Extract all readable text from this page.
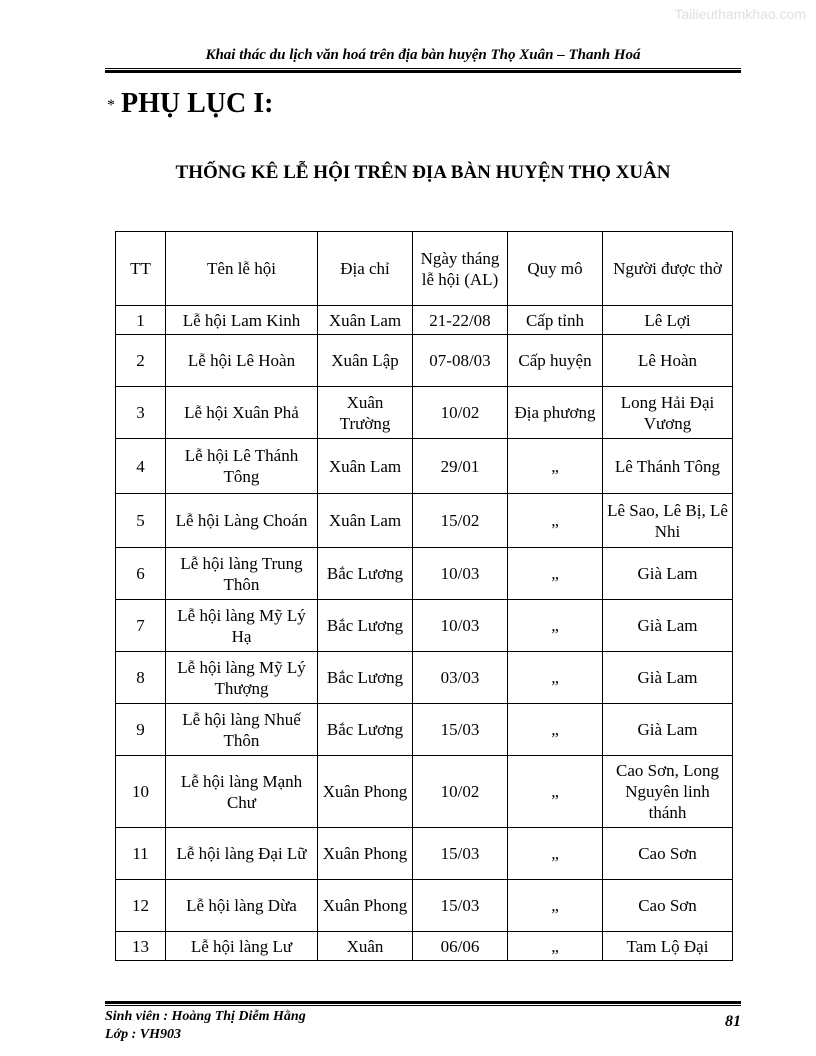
Tailieuthamkhao.com
Khai thác du lịch văn hoá trên địa bàn huyện Thọ Xuân – Thanh Hoá
* PHỤ LỤC I:
THỐNG KÊ LỄ HỘI TRÊN ĐỊA BÀN HUYỆN THỌ XUÂN
TT	Tên lễ hội	Địa chỉ	Ngày tháng lễ hội (AL)	Quy mô	Người được thờ
1	Lễ hội Lam Kinh	Xuân Lam	21-22/08	Cấp tỉnh	Lê Lợi
2	Lễ hội Lê Hoàn	Xuân Lập	07-08/03	Cấp huyện	Lê Hoàn
3	Lễ hội Xuân Phả	Xuân Trường	10/02	Địa phương	Long Hải Đại Vương
4	Lễ hội Lê Thánh Tông	Xuân Lam	29/01	„	Lê Thánh Tông
5	Lễ hội Làng Choán	Xuân Lam	15/02	„	Lê Sao, Lê Bị, Lê Nhi
6	Lễ hội làng Trung Thôn	Bắc Lương	10/03	„	Già Lam
7	Lễ hội làng Mỹ Lý Hạ	Bắc Lương	10/03	„	Già Lam
8	Lễ hội làng Mỹ Lý Thượng	Bắc Lương	03/03	„	Già Lam
9	Lễ hội làng Nhuế Thôn	Bắc Lương	15/03	„	Già Lam
10	Lễ hội làng Mạnh Chư	Xuân Phong	10/02	„	Cao Sơn, Long Nguyên linh thánh
11	Lễ hội làng Đại Lữ	Xuân Phong	15/03	„	Cao Sơn
12	Lễ hội làng Dừa	Xuân Phong	15/03	„	Cao Sơn
13	Lễ hội làng Lư	Xuân	06/06	„	Tam Lộ Đại
Sinh viên : Hoàng Thị Diễm Hằng
Lớp : VH903
81
